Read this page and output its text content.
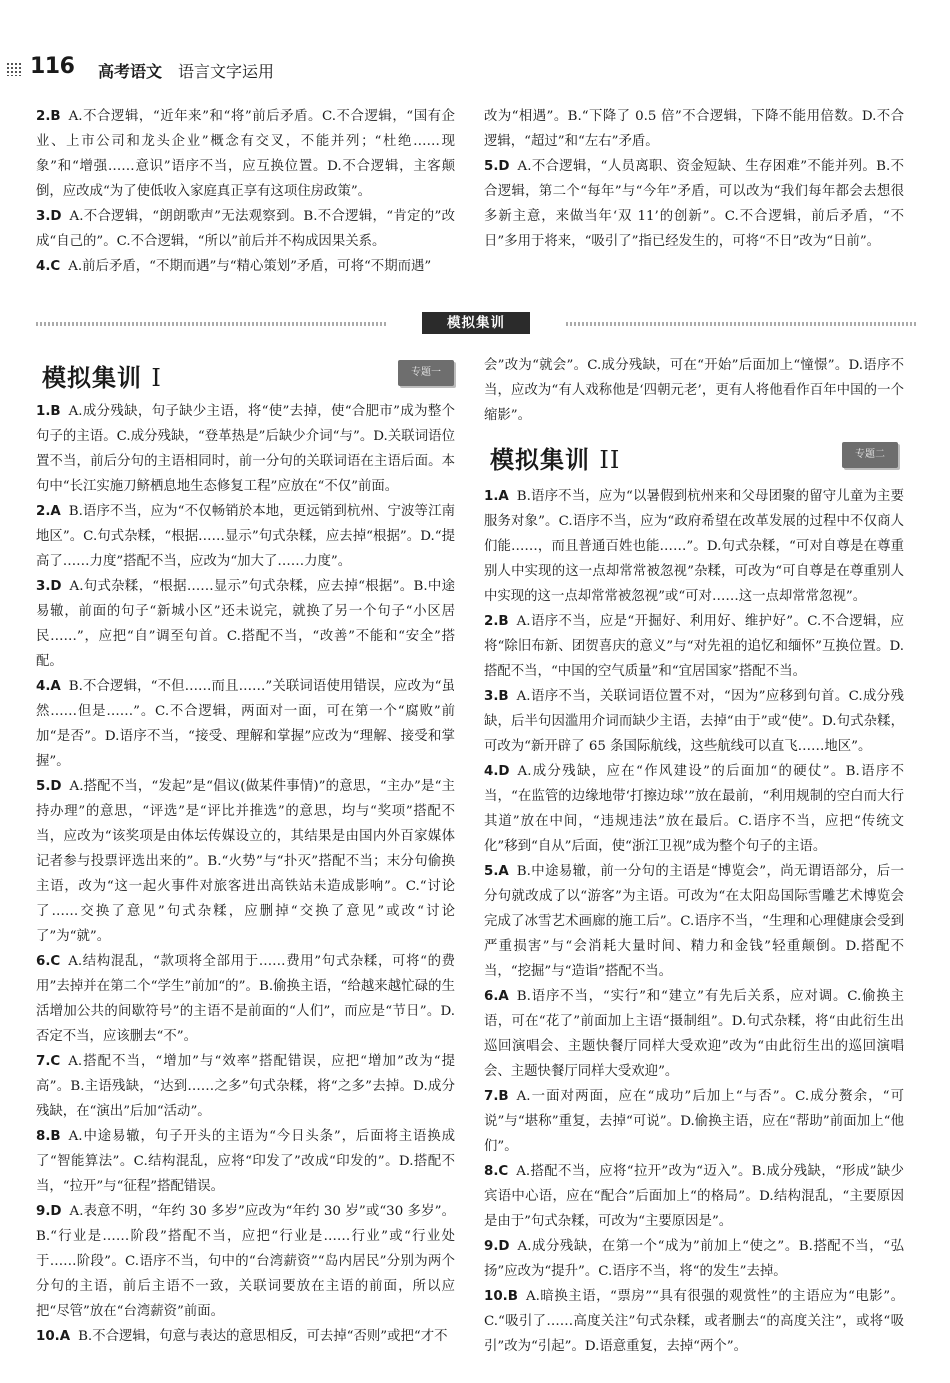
116 高考语文 语言文字运用

2.B A.不合逻辑，“近年来”和“将”前后矛盾。C.不合逻辑，“国有企业、上市公司和龙头企业”概念有交叉，不能并列；“杜绝……现象”和“增强……意识”语序不当，应互换位置。D.不合逻辑，主客颠倒，应改成“为了使低收入家庭真正享有这项住房政策”。

3.D A.不合逻辑，“朗朗歌声”无法观察到。B.不合逻辑，“肯定的”改成“自己的”。C.不合逻辑，“所以”前后并不构成因果关系。

4.C A.前后矛盾，“不期而遇”与“精心策划”矛盾，可将“不期而遇”

改为“相遇”。B.“下降了 0.5 倍”不合逻辑，下降不能用倍数。D.不合逻辑，“超过”和“左右”矛盾。

5.D A.不合逻辑，“人员离职、资金短缺、生存困难”不能并列。B.不合逻辑，第二个“每年”与“今年”矛盾，可以改为“我们每年都会去想很多新主意，来做当年‘双 11’的创新”。C.不合逻辑，前后矛盾，“不日”多用于将来，“吸引了”指已经发生的，可将“不日”改为“日前”。

模拟集训
模拟集训 I	专题一

1.B A.成分残缺，句子缺少主语，将“使”去掉，使“合肥市”成为整个句子的主语。C.成分残缺，“登革热是”后缺少介词“与”。D.关联词语位置不当，前后分句的主语相同时，前一分句的关联词语在主语后面。本句中“长江实施刀鲚栖息地生态修复工程”应放在“不仅”前面。

2.A B.语序不当，应为“不仅畅销於本地，更远销到杭州、宁波等江南地区”。C.句式杂糅，“根据……显示”句式杂糅，应去掉“根据”。D.“提高了……力度”搭配不当，应改为“加大了……力度”。

3.D A.句式杂糅，“根据……显示”句式杂糅，应去掉“根据”。B.中途易辙，前面的句子“新城小区”还未说完，就换了另一个句子“小区居民……”，应把“自”调至句首。C.搭配不当，“改善”不能和“安全”搭配。

4.A B.不合逻辑，“不但……而且……”关联词语使用错误，应改为“虽然……但是……”。C.不合逻辑，两面对一面，可在第一个“腐败”前加“是否”。D.语序不当，“接受、理解和掌握”应改为“理解、接受和掌握”。

5.D A.搭配不当，“发起”是“倡议(做某件事情)”的意思，“主办”是“主持办理”的意思，“评选”是“评比并推选”的意思，均与“奖项”搭配不当，应改为“该奖项是由体坛传媒设立的，其结果是由国内外百家媒体记者参与投票评选出来的”。B.“火势”与“扑灭”搭配不当；末分句偷换主语，改为“这一起火事件对旅客进出高铁站未造成影响”。C.“讨论了……交换了意见”句式杂糅，应删掉“交换了意见”或改“讨论了”为“就”。

6.C A.结构混乱，“款项将全部用于……费用”句式杂糅，可将“的费用”去掉并在第二个“学生”前加“的”。B.偷换主语，“给越来越忙碌的生活增加公共的间歇符号”的主语不是前面的“人们”，而应是“节日”。D.否定不当，应该删去“不”。

7.C A.搭配不当，“增加”与“效率”搭配错误，应把“增加”改为“提高”。B.主语残缺，“达到……之多”句式杂糅，将“之多”去掉。D.成分残缺，在“演出”后加“活动”。

8.B A.中途易辙，句子开头的主语为“今日头条”，后面将主语换成了“智能算法”。C.结构混乱，应将“印发了”改成“印发的”。D.搭配不当，“拉开”与“征程”搭配错误。

9.D A.表意不明，“年约 30 多岁”应改为“年约 30 岁”或“30 多岁”。B.“行业是……阶段”搭配不当，应把“行业是……行业”或“行业处于……阶段”。C.语序不当，句中的“台湾薪资”“岛内居民”分别为两个分句的主语，前后主语不一致，关联词要放在主语的前面，所以应把“尽管”放在“台湾薪资”前面。

10.A B.不合逻辑，句意与表达的意思相反，可去掉“否则”或把“才不

会”改为“就会”。C.成分残缺，可在“开始”后面加上“憧憬”。D.语序不当，应改为“有人戏称他是‘四朝元老’，更有人将他看作百年中国的一个缩影”。

模拟集训 II	专题二

1.A B.语序不当，应为“以暑假到杭州来和父母团聚的留守儿童为主要服务对象”。C.语序不当，应为“政府希望在改革发展的过程中不仅商人们能……，而且普通百姓也能……”。D.句式杂糅，“可对自尊是在尊重别人中实现的这一点却常常被忽视”杂糅，可改为“可自尊是在尊重别人中实现的这一点却常常被忽视”或“可对……这一点却常常忽视”。

2.B A.语序不当，应是“开掘好、利用好、维护好”。C.不合逻辑，应将“除旧布新、团贺喜庆的意义”与“对先祖的追忆和缅怀”互换位置。D.搭配不当，“中国的空气质量”和“宜居国家”搭配不当。

3.B A.语序不当，关联词语位置不对，“因为”应移到句首。C.成分残缺，后半句因滥用介词而缺少主语，去掉“由于”或“使”。D.句式杂糅，可改为“新开辟了 65 条国际航线，这些航线可以直飞……地区”。

4.D A.成分残缺，应在“作风建设”的后面加“的硬仗”。B.语序不当，“在监管的边缘地带‘打擦边球’”放在最前，“利用规制的空白而大行其道”放在中间，“违规违法”放在最后。C.语序不当，应把“传统文化”移到“自从”后面，使“浙江卫视”成为整个句子的主语。

5.A B.中途易辙，前一分句的主语是“博览会”，尚无谓语部分，后一分句就改成了以“游客”为主语。可改为“在太阳岛国际雪雕艺术博览会完成了冰雪艺术画廊的施工后”。C.语序不当，“生理和心理健康会受到严重损害”与“会消耗大量时间、精力和金钱”轻重颠倒。D.搭配不当，“挖掘”与“造诣”搭配不当。

6.A B.语序不当，“实行”和“建立”有先后关系，应对调。C.偷换主语，可在“花了”前面加上主语“摄制组”。D.句式杂糅，将“由此衍生出巡回演唱会、主题快餐厅同样大受欢迎”改为“由此衍生出的巡回演唱会、主题快餐厅同样大受欢迎”。

7.B A.一面对两面，应在“成功”后加上“与否”。C.成分赘余，“可说”与“堪称”重复，去掉“可说”。D.偷换主语，应在“帮助”前面加上“他们”。

8.C A.搭配不当，应将“拉开”改为“迈入”。B.成分残缺，“形成”缺少宾语中心语，应在“配合”后面加上“的格局”。D.结构混乱，“主要原因是由于”句式杂糅，可改为“主要原因是”。

9.D A.成分残缺，在第一个“成为”前加上“使之”。B.搭配不当，“弘扬”应改为“提升”。C.语序不当，将“的发生”去掉。

10.B A.暗换主语，“票房”“具有很强的观赏性”的主语应为“电影”。C.“吸引了……高度关注”句式杂糅，或者删去“的高度关注”，或将“吸引”改为“引起”。D.语意重复，去掉“两个”。
